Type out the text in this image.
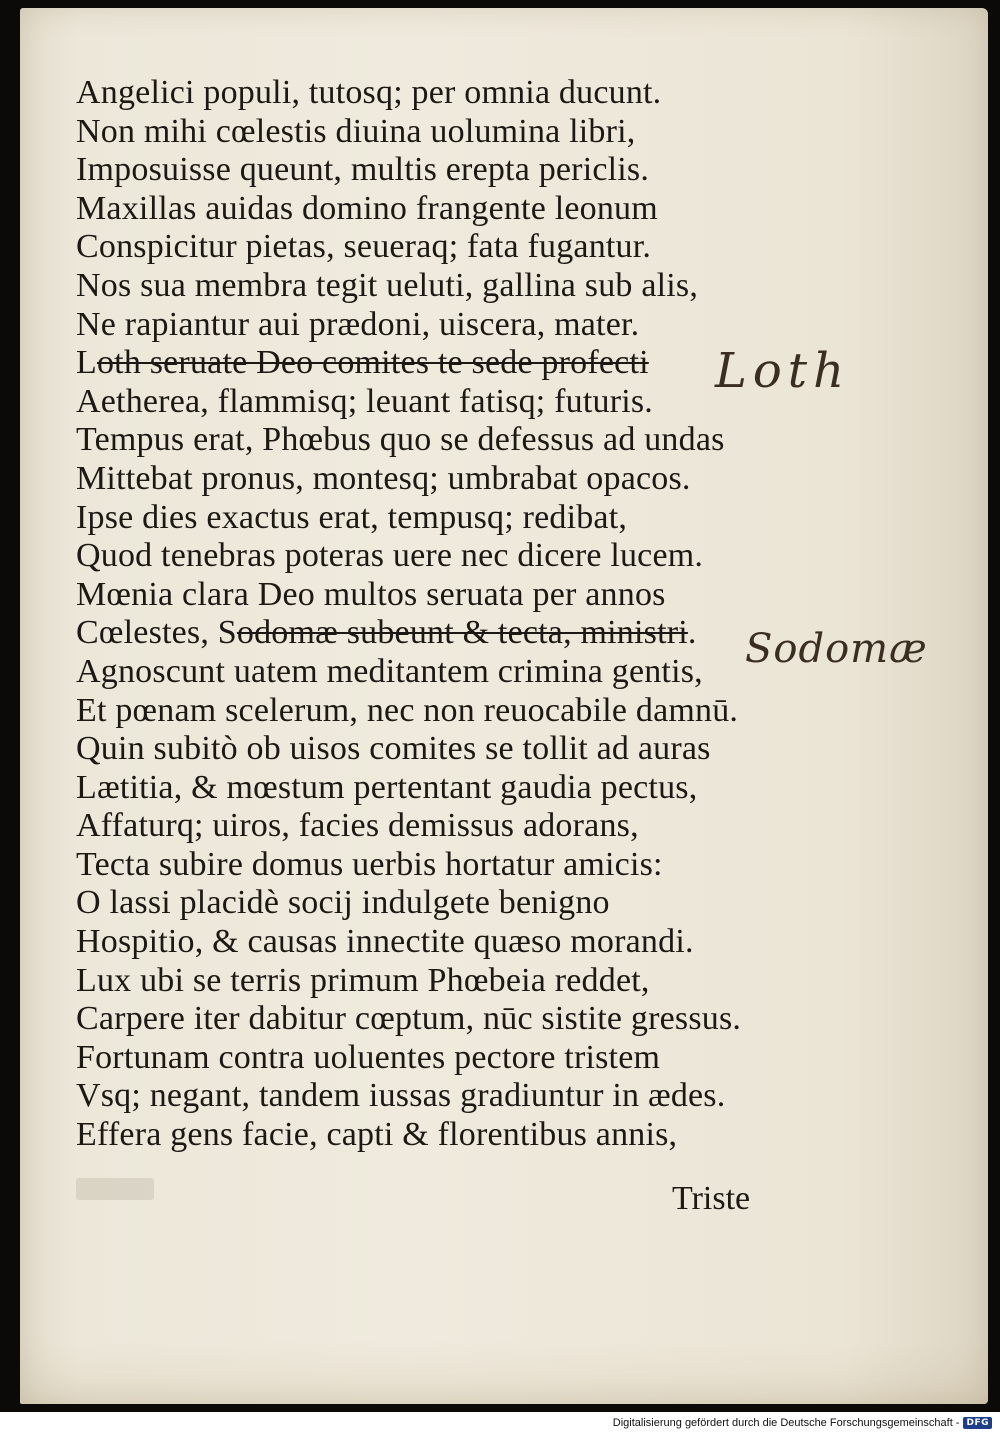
Angelici populi, tutosq; per omnia ducunt.
Non mihi cœlestis diuina uolumina libri,
Imposuisse queunt, multis erepta periclis.
Maxillas auidas domino frangente leonum
Conspicitur pietas, seueraq; fata fugantur.
Nos sua membra tegit ueluti, gallina sub alis,
Ne rapiantur aui prædoni, uiscera, mater.
Loth seruate Deo comites te sede profecti
Aetherea, flammisq; leuant fatisq; futuris.
Tempus erat, Phœbus quo se defessus ad undas
Mittebat pronus, montesq; umbrabat opacos.
Ipse dies exactus erat, tempusq; redibat,
Quod tenebras poteras uere nec dicere lucem.
Mœnia clara Deo multos seruata per annos
Cœlestes, Sodomæ subeunt & tecta, ministri.
Agnoscunt uatem meditantem crimina gentis,
Et pœnam scelerum, nec non reuocabile damnū.
Quin subitò ob uisos comites se tollit ad auras
Lætitia, & mœstum pertentant gaudia pectus,
Affaturq; uiros, facies demissus adorans,
Tecta subire domus uerbis hortatur amicis:
O lassi placidè socij indulgete benigno
Hospitio, & causas innectite quæso morandi.
Lux ubi se terris primum Phœbeia reddet,
Carpere iter dabitur cœptum, nūc sistite gressus.
Fortunam contra uoluentes pectore tristem
Vsq; negant, tandem iussas gradiuntur in ædes.
Effera gens facie, capti & florentibus annis,
Triste
Loth
Sodomæ
Digitalisierung gefördert durch die Deutsche Forschungsgemeinschaft - DFG
